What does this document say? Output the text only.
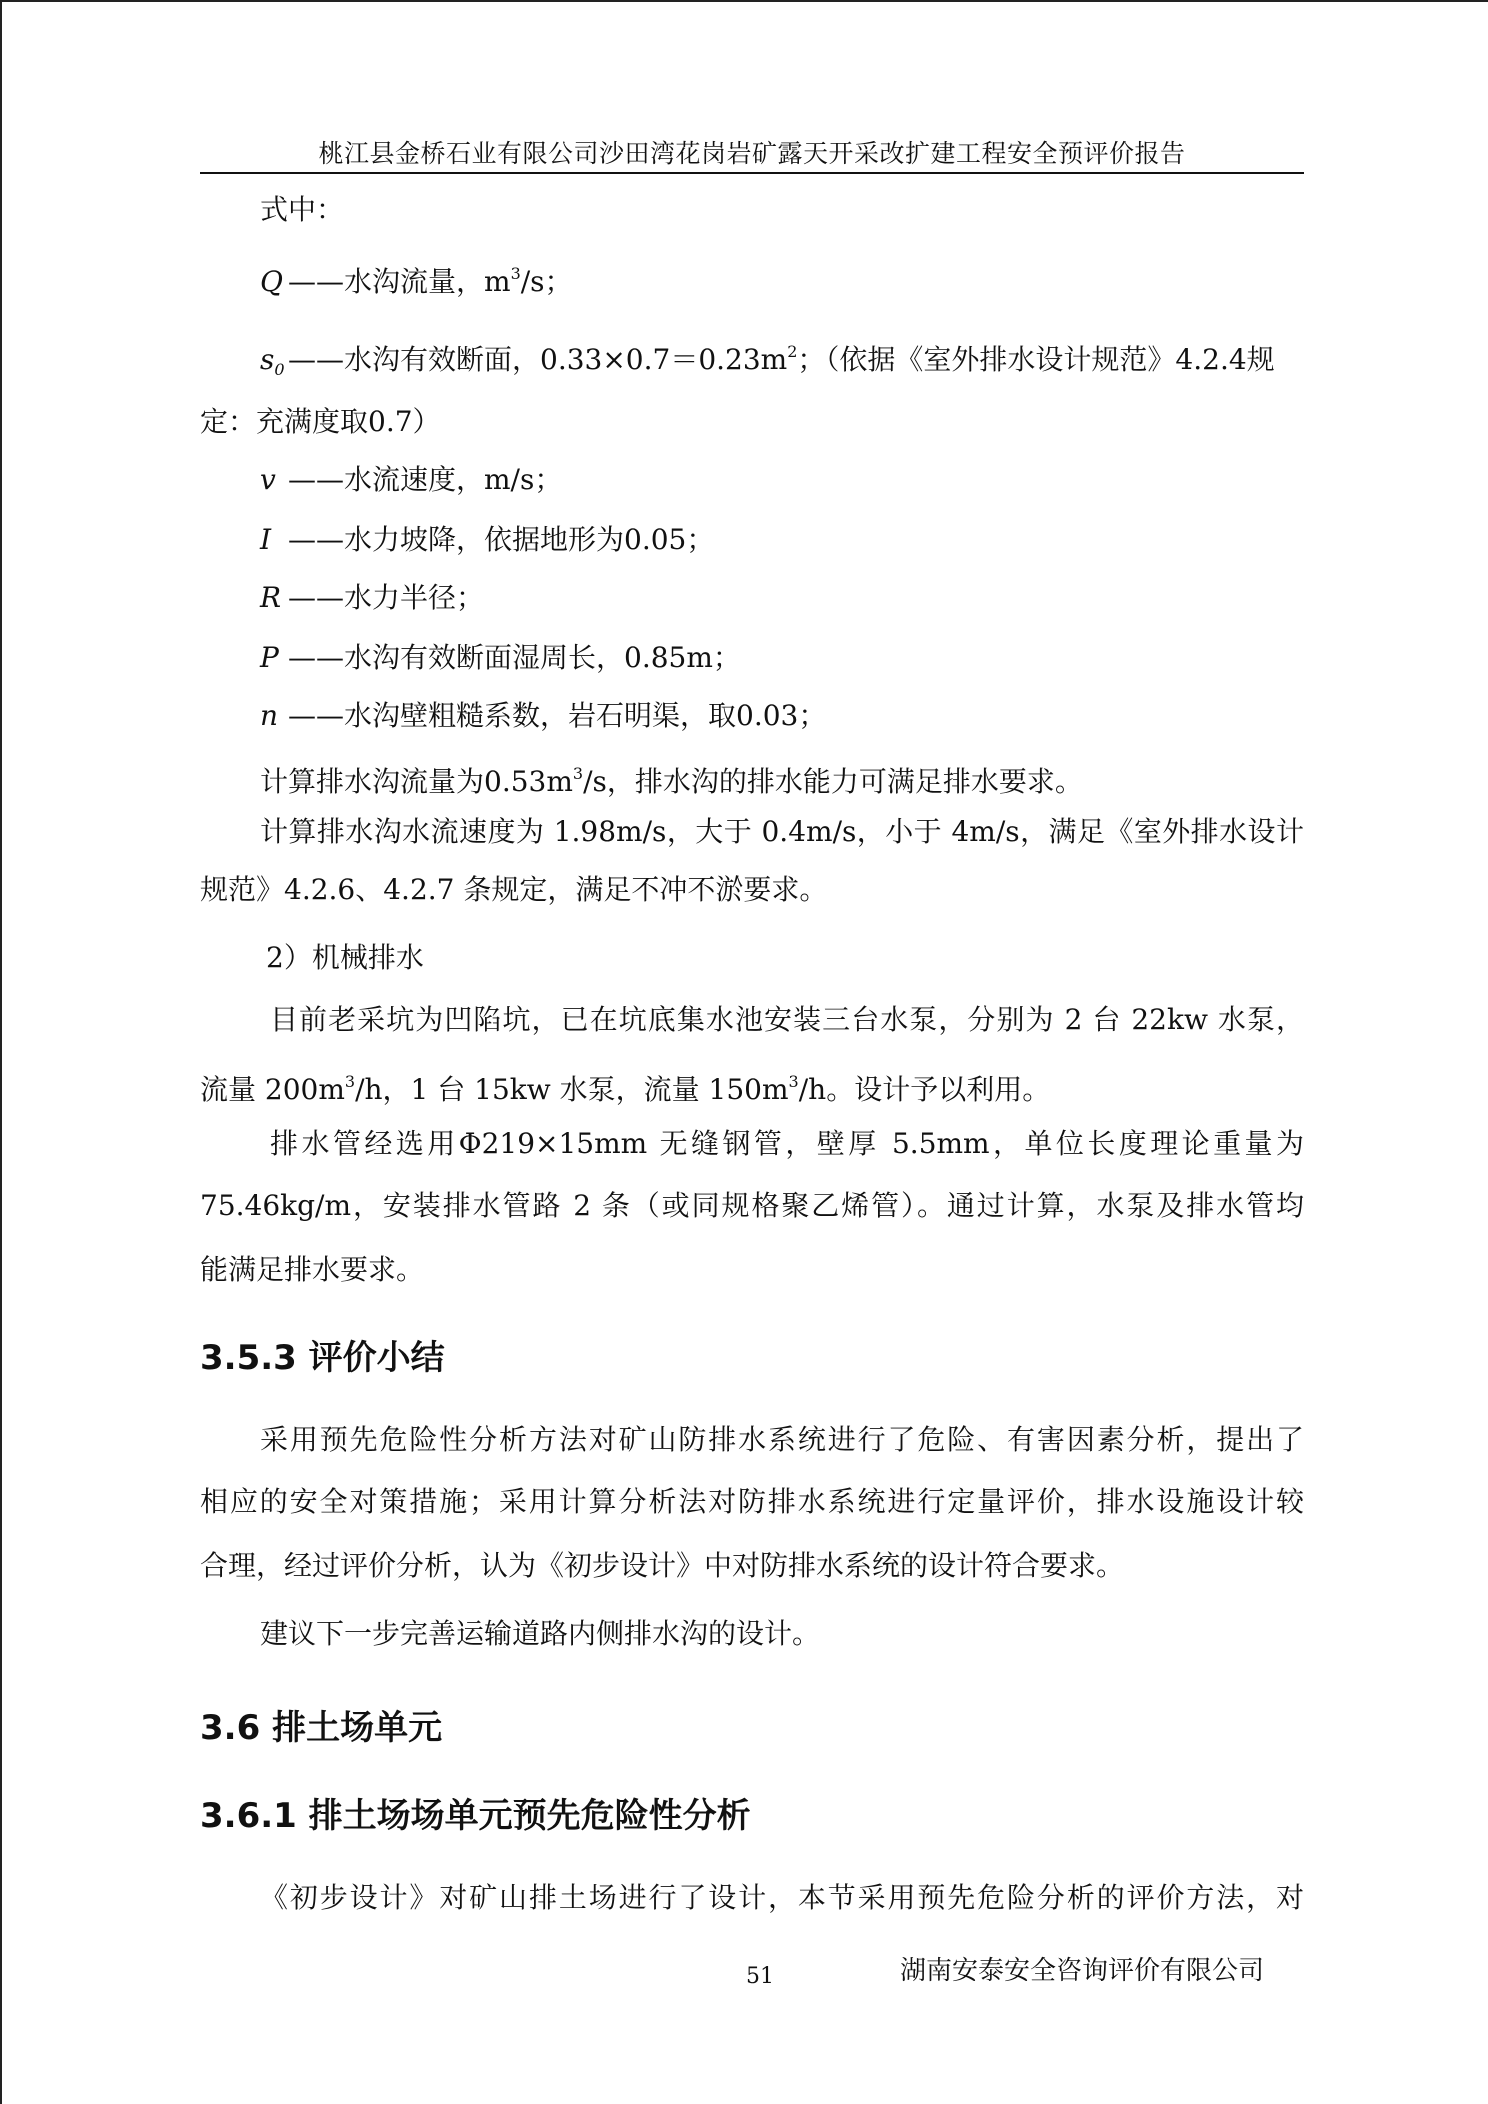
桃江县金桥石业有限公司沙田湾花岗岩矿露天开采改扩建工程安全预评价报告
式中：
Q ——水沟流量，$m^3/s$；
$s_0$ ——水沟有效断面，$0.33\times 0.7=0.23m^2$；（依据《室外排水设计规范》4.2.4规
定：充满度取0.7）
v ——水流速度，m/s；
I ——水力坡降，依据地形为0.05；
R ——水力半径；
P ——水沟有效断面湿周长，0.85m；
n ——水沟壁粗糙系数，岩石明渠，取0.03；
计算排水沟流量为$0.53m^3/s$，排水沟的排水能力可满足排水要求。
计算排水沟水流速度为 1.98m/s，大于 0.4m/s，小于 4m/s，满足《室外排水设计
规范》4.2.6、4.2.7 条规定，满足不冲不淤要求。
2）机械排水
目前老采坑为凹陷坑，已在坑底集水池安装三台水泵，分别为 2 台 22kw 水泵，
流量 $200m^3/h$，1 台 15kw 水泵，流量 $150m^3/h$。设计予以利用。
排水管经选用Φ219×15mm 无缝钢管，壁厚 5.5mm，单位长度理论重量为
75.46kg/m，安装排水管路 2 条（或同规格聚乙烯管）。通过计算，水泵及排水管均
能满足排水要求。
3.5.3 评价小结
采用预先危险性分析方法对矿山防排水系统进行了危险、有害因素分析，提出了
相应的安全对策措施；采用计算分析法对防排水系统进行定量评价，排水设施设计较
合理，经过评价分析，认为《初步设计》中对防排水系统的设计符合要求。
建议下一步完善运输道路内侧排水沟的设计。
3.6 排土场单元
3.6.1 排土场场单元预先危险性分析
《初步设计》对矿山排土场进行了设计，本节采用预先危险分析的评价方法，对
51	湖南安泰安全咨询评价有限公司
